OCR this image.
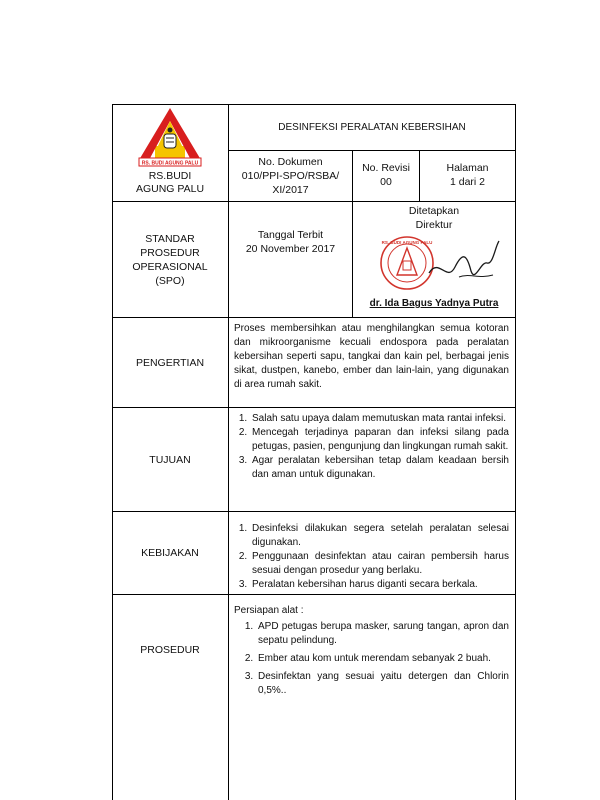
RS. BUDI AGUNG PALU
RS.BUDI AGUNG PALU
DESINFEKSI PERALATAN KEBERSIHAN
No. Dokumen
010/PPI-SPO/RSBA/ XI/2017
No. Revisi
00
Halaman
1 dari 2
STANDAR PROSEDUR OPERASIONAL (SPO)
Tanggal Terbit
20 November 2017
Ditetapkan
Direktur
RS. BUDI AGUNG PALU
dr. Ida Bagus Yadnya Putra
PENGERTIAN
Proses membersihkan atau menghilangkan semua kotoran dan mikroorganisme kecuali endospora pada peralatan kebersihan seperti sapu, tangkai dan kain pel, berbagai jenis sikat, dustpen, kanebo, ember dan lain-lain, yang digunakan di area rumah sakit.
TUJUAN
1. Salah satu upaya dalam memutuskan mata rantai infeksi.
2. Mencegah terjadinya paparan dan infeksi silang pada petugas, pasien, pengunjung dan lingkungan rumah sakit.
3. Agar peralatan kebersihan tetap dalam keadaan bersih dan aman untuk digunakan.
KEBIJAKAN
1. Desinfeksi dilakukan segera setelah peralatan selesai digunakan.
2. Penggunaan desinfektan atau cairan pembersih harus sesuai dengan prosedur yang berlaku.
3. Peralatan kebersihan harus diganti secara berkala.
PROSEDUR
Persiapan alat :
1. APD petugas berupa masker, sarung tangan, apron dan sepatu pelindung.
2. Ember atau kom untuk merendam sebanyak 2 buah.
3. Desinfektan yang sesuai yaitu detergen dan Chlorin 0,5%..
